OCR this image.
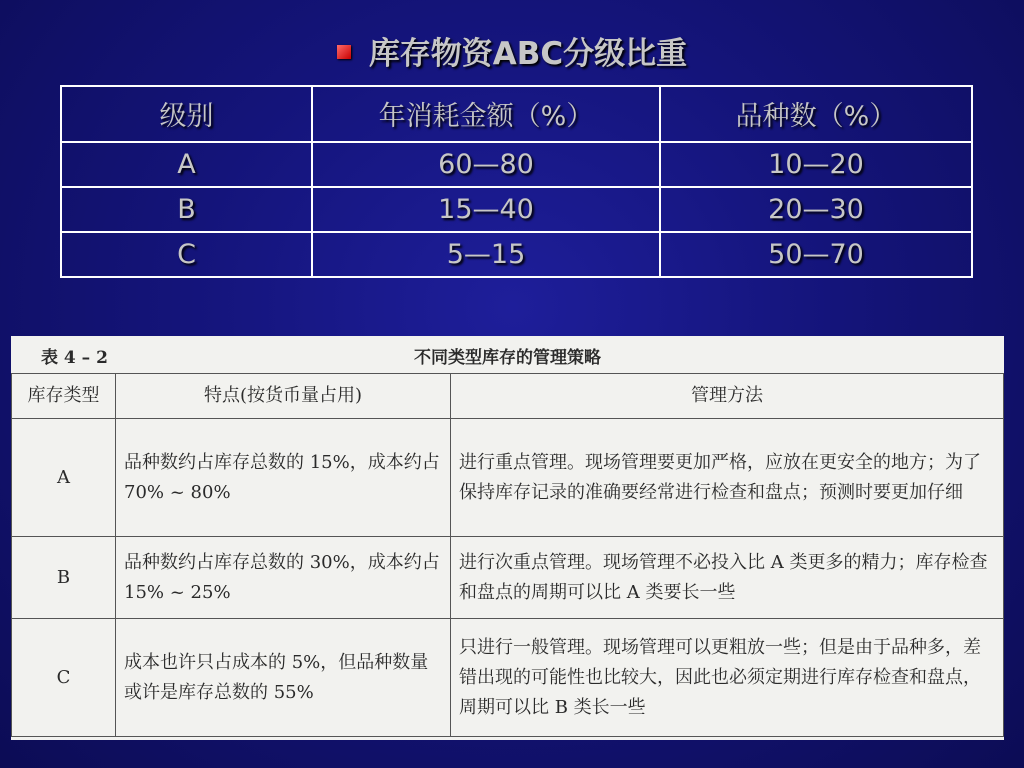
库存物资ABC分级比重
级别	年消耗金额（%）	品种数（%）
A	60—80	10—20
B	15—40	20—30
C	5—15	50—70
表 4 – 2	不同类型库存的管理策略
库存类型	特点(按货币量占用)	管理方法
A	品种数约占库存总数的 15%，成本约占 70% ~ 80%	进行重点管理。现场管理要更加严格，应放在更安全的地方；为了保持库存记录的准确要经常进行检查和盘点；预测时要更加仔细
B	品种数约占库存总数的 30%，成本约占 15% ~ 25%	进行次重点管理。现场管理不必投入比 A 类更多的精力；库存检查和盘点的周期可以比 A 类要长一些
C	成本也许只占成本的 5%，但品种数量或许是库存总数的 55%	只进行一般管理。现场管理可以更粗放一些；但是由于品种多，差错出现的可能性也比较大，因此也必须定期进行库存检查和盘点，周期可以比 B 类长一些
